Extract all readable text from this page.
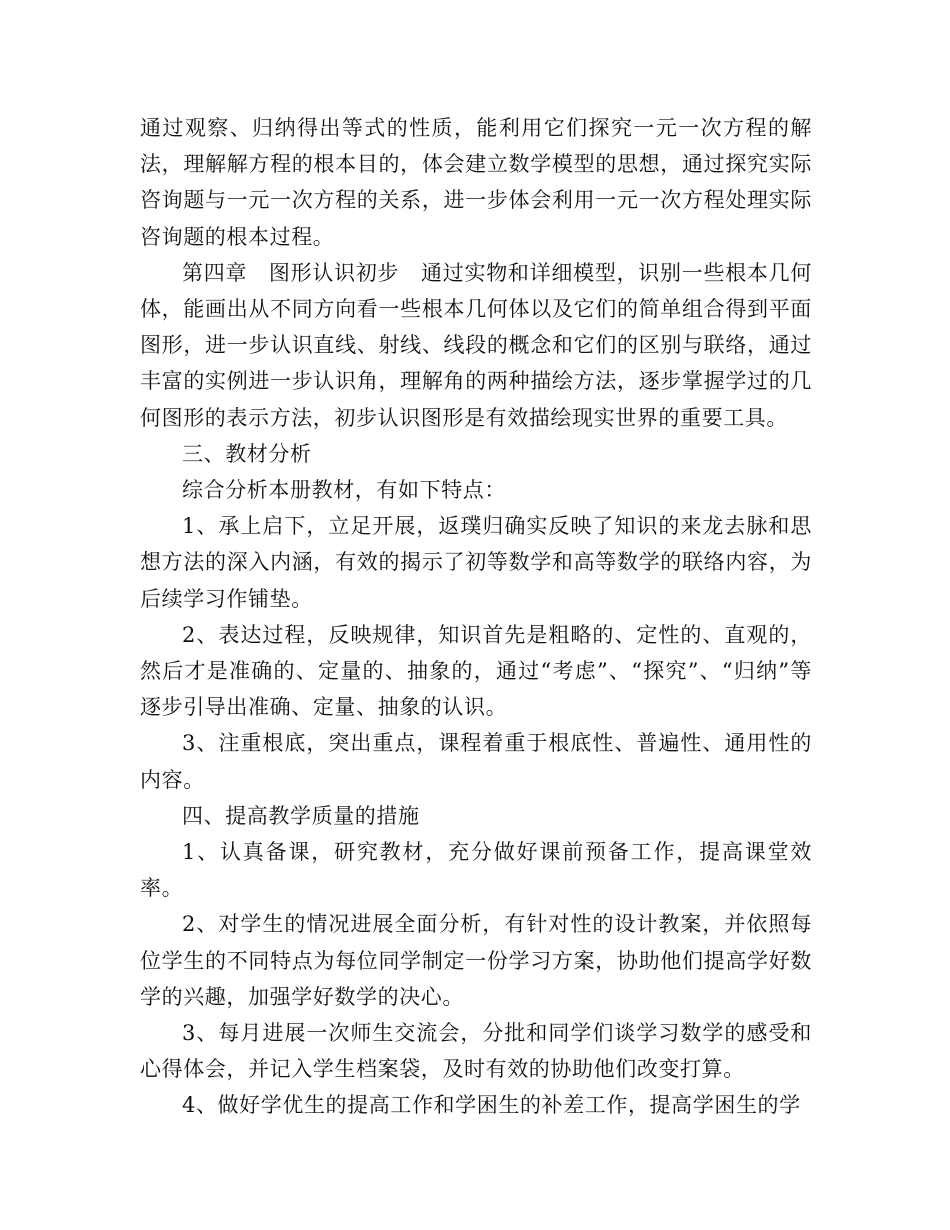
通过观察、归纳得出等式的性质，能利用它们探究一元一次方程的解法，理解解方程的根本目的，体会建立数学模型的思想，通过探究实际咨询题与一元一次方程的关系，进一步体会利用一元一次方程处理实际咨询题的根本过程。

第四章　图形认识初步　通过实物和详细模型，识别一些根本几何体，能画出从不同方向看一些根本几何体以及它们的简单组合得到平面图形，进一步认识直线、射线、线段的概念和它们的区别与联络，通过丰富的实例进一步认识角，理解角的两种描绘方法，逐步掌握学过的几何图形的表示方法，初步认识图形是有效描绘现实世界的重要工具。

三、教材分析

综合分析本册教材，有如下特点：

1、承上启下，立足开展，返璞归确实反映了知识的来龙去脉和思想方法的深入内涵，有效的揭示了初等数学和高等数学的联络内容，为后续学习作铺垫。

2、表达过程，反映规律，知识首先是粗略的、定性的、直观的，然后才是准确的、定量的、抽象的，通过“考虑”、“探究”、“归纳”等逐步引导出准确、定量、抽象的认识。

3、注重根底，突出重点，课程着重于根底性、普遍性、通用性的内容。

四、提高教学质量的措施

1、认真备课，研究教材，充分做好课前预备工作，提高课堂效率。

2、对学生的情况进展全面分析，有针对性的设计教案，并依照每位学生的不同特点为每位同学制定一份学习方案，协助他们提高学好数学的兴趣，加强学好数学的决心。

3、每月进展一次师生交流会，分批和同学们谈学习数学的感受和心得体会，并记入学生档案袋，及时有效的协助他们改变打算。

4、做好学优生的提高工作和学困生的补差工作，提高学困生的学
